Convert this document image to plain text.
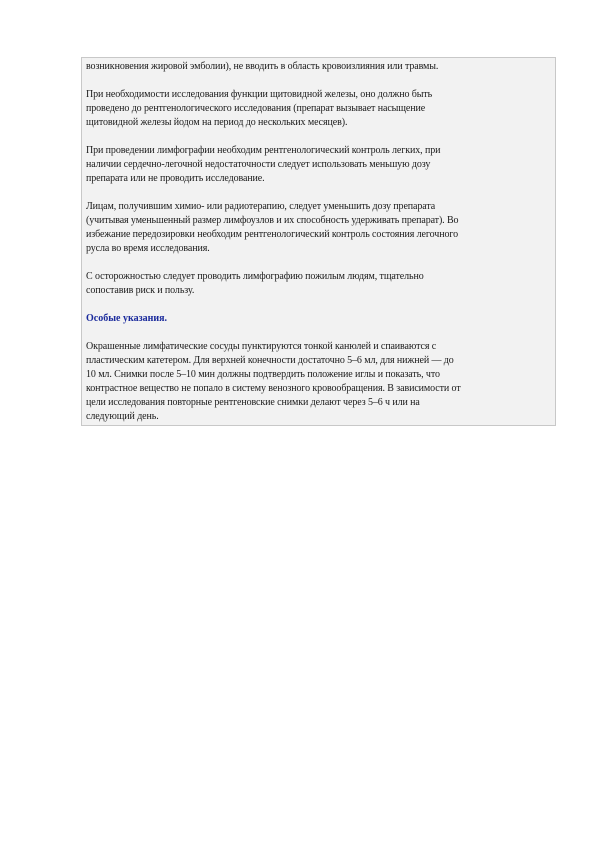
возникновения жировой эмболии), не вводить в область кровоизлияния или травмы.

При необходимости исследования функции щитовидной железы, оно должно быть
проведено до рентгенологического исследования (препарат вызывает насыщение
щитовидной железы йодом на период до нескольких месяцев).

При проведении лимфографии необходим рентгенологический контроль легких, при
наличии сердечно-легочной недостаточности следует использовать меньшую дозу
препарата или не проводить исследование.

Лицам, получившим химио- или радиотерапию, следует уменьшить дозу препарата
(учитывая уменьшенный размер лимфоузлов и их способность удерживать препарат). Во
избежание передозировки необходим рентгенологический контроль состояния легочного
русла во время исследования.

С осторожностью следует проводить лимфографию пожилым людям, тщательно
сопоставив риск и пользу.

Особые указания.

Окрашенные лимфатические сосуды пунктируются тонкой канюлей и спаиваются с
пластическим катетером. Для верхней конечности достаточно 5–6 мл, для нижней — до
10 мл. Снимки после 5–10 мин должны подтвердить положение иглы и показать, что
контрастное вещество не попало в систему венозного кровообращения. В зависимости от
цели исследования повторные рентгеновские снимки делают через 5–6 ч или на
следующий день.
